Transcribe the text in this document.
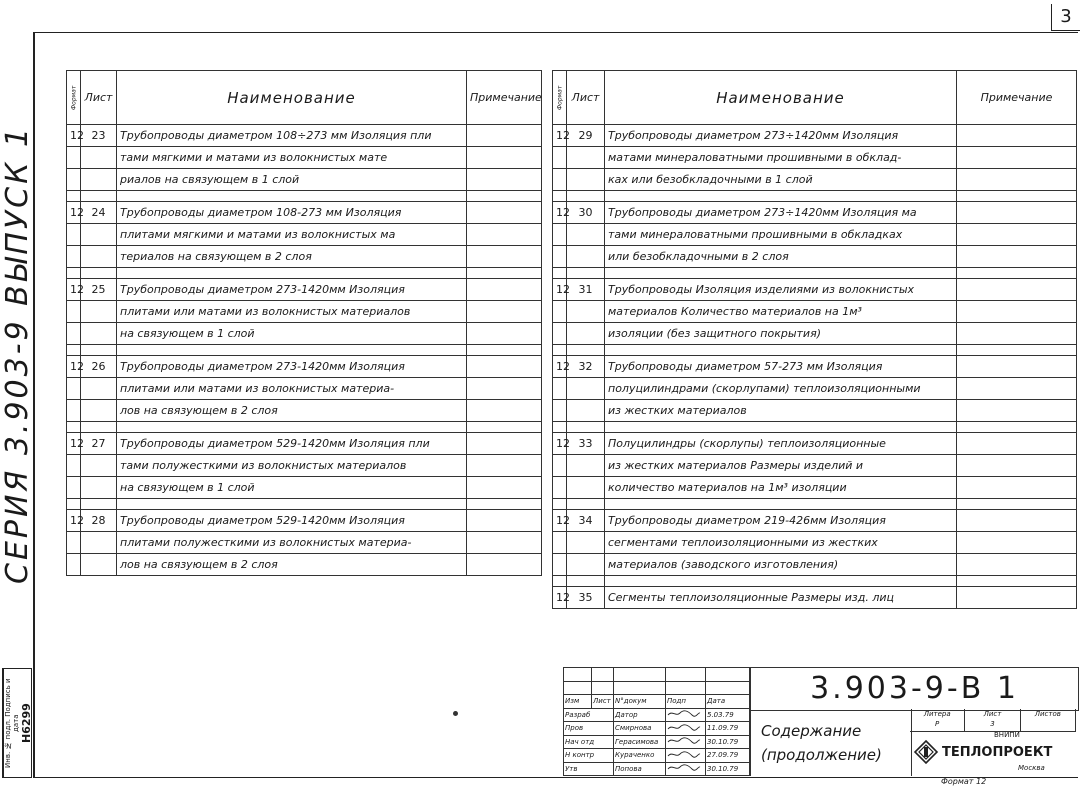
3
СЕРИЯ 3.903-9 ВЫПУСК 1
Инв. № подл. Подпись и дата H6299
Формат	Лист	Наименование	Примечание
12	23	Трубопроводы диаметром 108÷273 мм Изоляция пли	
		тами мягкими и матами из волокнистых мате	
		риалов на связующем в 1 слой	

12	24	Трубопроводы диаметром 108-273 мм Изоляция	
		плитами мягкими и матами из волокнистых ма	
		териалов на связующем в 2 слоя	

12	25	Трубопроводы диаметром 273-1420мм Изоляция	
		плитами или матами из волокнистых материалов	
		на связующем в 1 слой	

12	26	Трубопроводы диаметром 273-1420мм Изоляция	
		плитами или матами из волокнистых материа-	
		лов на связующем в 2 слоя	

12	27	Трубопроводы диаметром 529-1420мм Изоляция пли	
		тами полужесткими из волокнистых материалов	
		на связующем в 1 слой	

12	28	Трубопроводы диаметром 529-1420мм Изоляция	
		плитами полужесткими из волокнистых материа-	
		лов на связующем в 2 слоя	
Формат	Лист	Наименование	Примечание
12	29	Трубопроводы диаметром 273÷1420мм Изоляция	
		матами минераловатными прошивными в обклад-	
		ках или безобкладочными в 1 слой	

12	30	Трубопроводы диаметром 273÷1420мм Изоляция ма	
		тами минераловатными прошивными в обкладках	
		или безобкладочными в 2 слоя	

12	31	Трубопроводы Изоляция изделиями из волокнистых	
		материалов Количество материалов на 1м³	
		изоляции (без защитного покрытия)	

12	32	Трубопроводы диаметром 57-273 мм Изоляция	
		полуцилиндрами (скорлупами) теплоизоляционными	
		из жестких материалов	

12	33	Полуцилиндры (скорлупы) теплоизоляционные	
		из жестких материалов Размеры изделий и	
		количество материалов на 1м³ изоляции	

12	34	Трубопроводы диаметром 219-426мм Изоляция	
		сегментами теплоизоляционными из жестких	
		материалов (заводского изготовления)	

12	35	Сегменты теплоизоляционные Размеры изд. лиц	

Изм	Лист	N°докум	Подп	Дата
Разраб		Датор		5.03.79
Пров		Смирнова		11.09.79
Нач отд		Герасимова		30.10.79
Н контр		Кураченко		27.09.79
Утв		Попова		30.10.79
3.903-9-В 1
Содержание
(продолжение)
Литера
Р
Лист
3
Листов

ВНИПИ
ТЕПЛОПРОЕКТ
Москва
Формат 12
